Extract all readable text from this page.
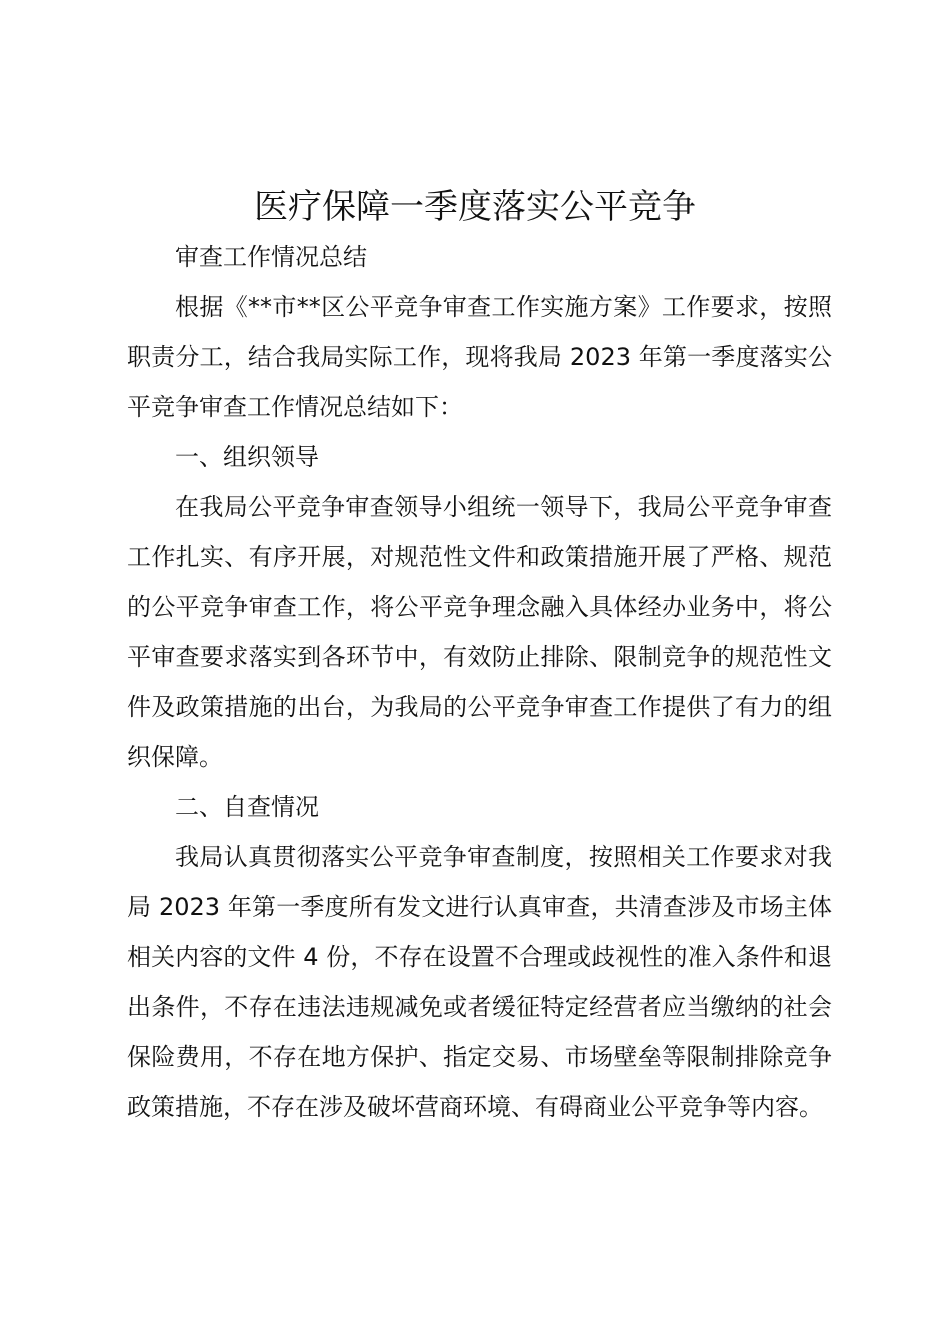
医疗保障一季度落实公平竞争

审查工作情况总结

根据《**市**区公平竞争审查工作实施方案》工作要求，按照职责分工，结合我局实际工作，现将我局 2023 年第一季度落实公平竞争审查工作情况总结如下：

一、组织领导

在我局公平竞争审查领导小组统一领导下，我局公平竞争审查工作扎实、有序开展，对规范性文件和政策措施开展了严格、规范的公平竞争审查工作，将公平竞争理念融入具体经办业务中，将公平审查要求落实到各环节中，有效防止排除、限制竞争的规范性文件及政策措施的出台，为我局的公平竞争审查工作提供了有力的组织保障。

二、自查情况

我局认真贯彻落实公平竞争审查制度，按照相关工作要求对我局 2023 年第一季度所有发文进行认真审查，共清查涉及市场主体相关内容的文件 4 份，不存在设置不合理或歧视性的准入条件和退出条件，不存在违法违规减免或者缓征特定经营者应当缴纳的社会保险费用，不存在地方保护、指定交易、市场壁垒等限制排除竞争政策措施，不存在涉及破坏营商环境、有碍商业公平竞争等内容。
